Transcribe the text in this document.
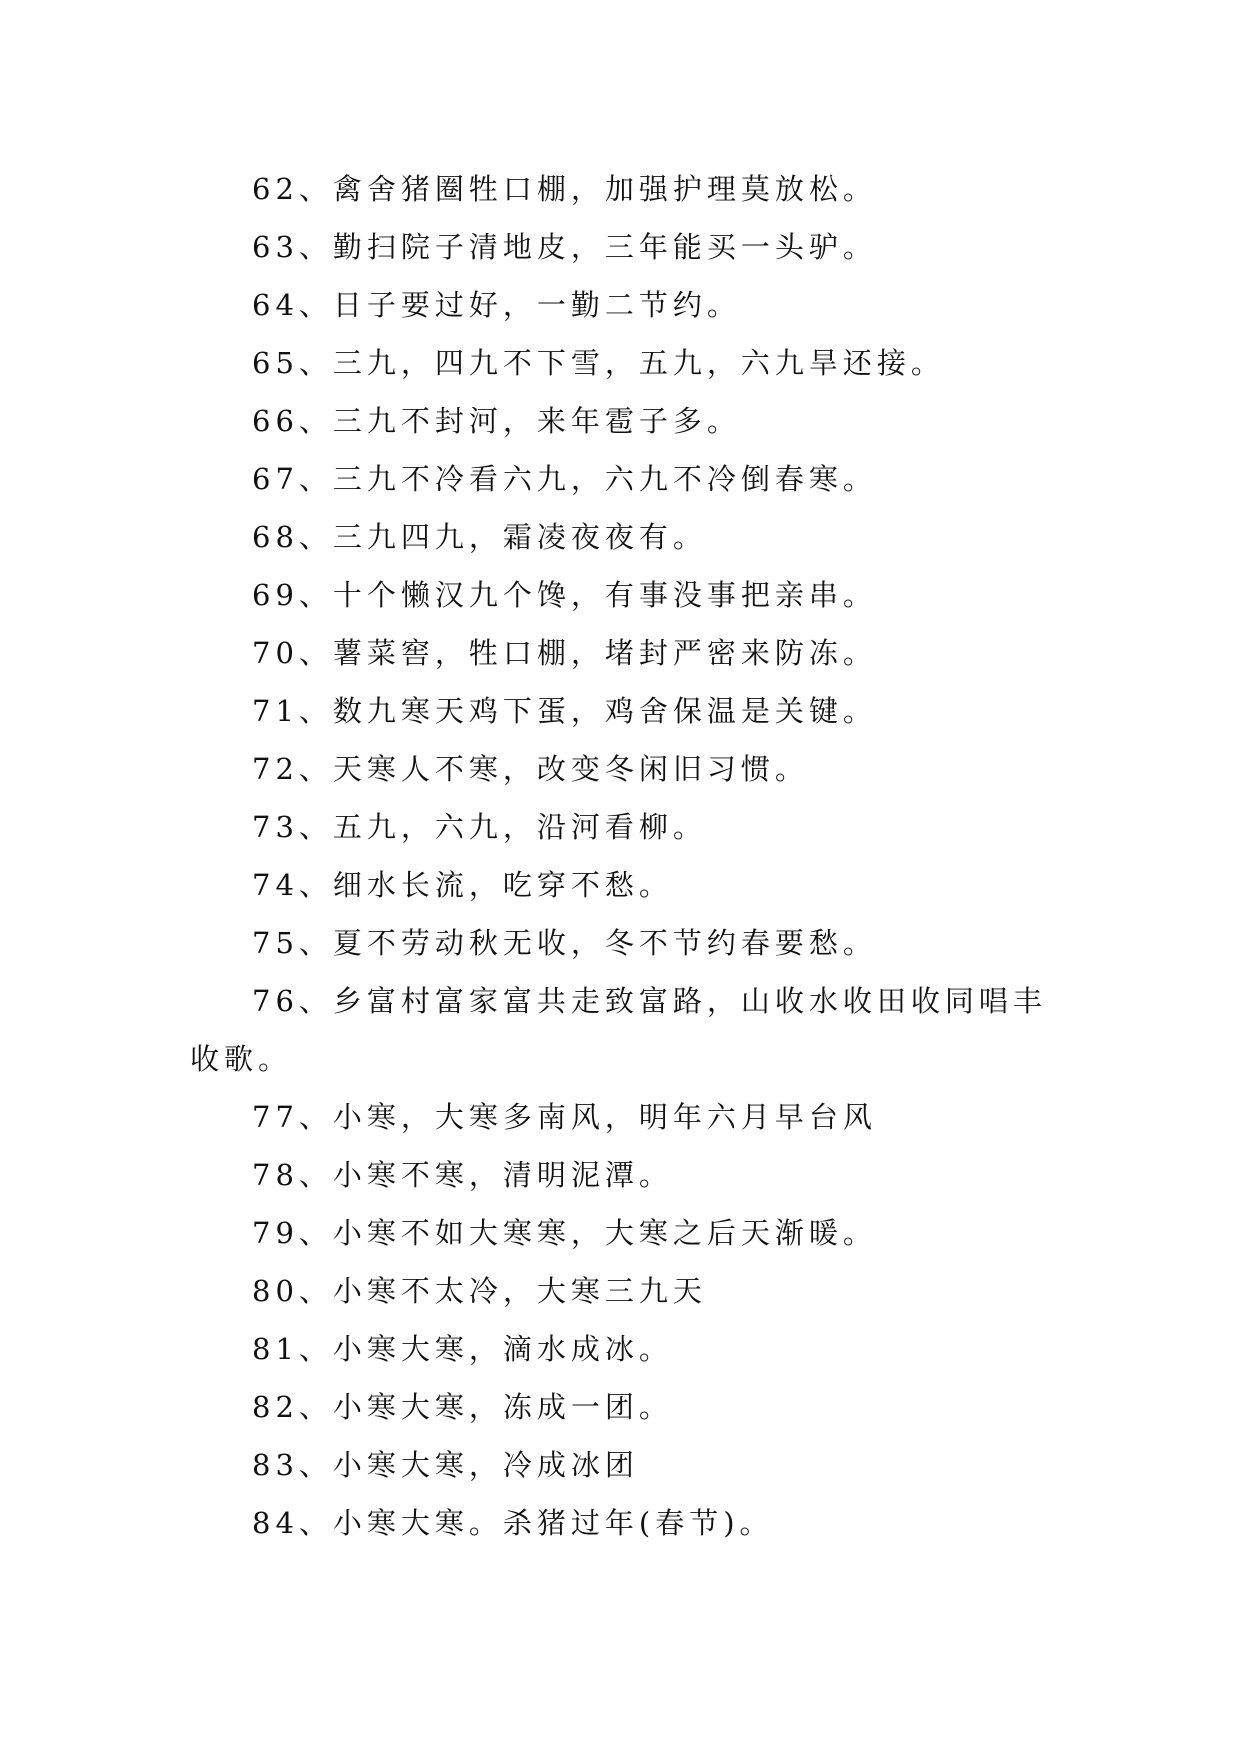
62、禽舍猪圈牲口棚，加强护理莫放松。

63、勤扫院子清地皮，三年能买一头驴。

64、日子要过好，一勤二节约。

65、三九，四九不下雪，五九，六九旱还接。

66、三九不封河，来年雹子多。

67、三九不冷看六九，六九不冷倒春寒。

68、三九四九，霜凌夜夜有。

69、十个懒汉九个馋，有事没事把亲串。

70、薯菜窖，牲口棚，堵封严密来防冻。

71、数九寒天鸡下蛋，鸡舍保温是关键。

72、天寒人不寒，改变冬闲旧习惯。

73、五九，六九，沿河看柳。

74、细水长流，吃穿不愁。

75、夏不劳动秋无收，冬不节约春要愁。

76、乡富村富家富共走致富路，山收水收田收同唱丰收歌。

77、小寒，大寒多南风，明年六月早台风

78、小寒不寒，清明泥潭。

79、小寒不如大寒寒，大寒之后天渐暖。

80、小寒不太冷，大寒三九天

81、小寒大寒，滴水成冰。

82、小寒大寒，冻成一团。

83、小寒大寒，冷成冰团

84、小寒大寒。杀猪过年(春节)。
